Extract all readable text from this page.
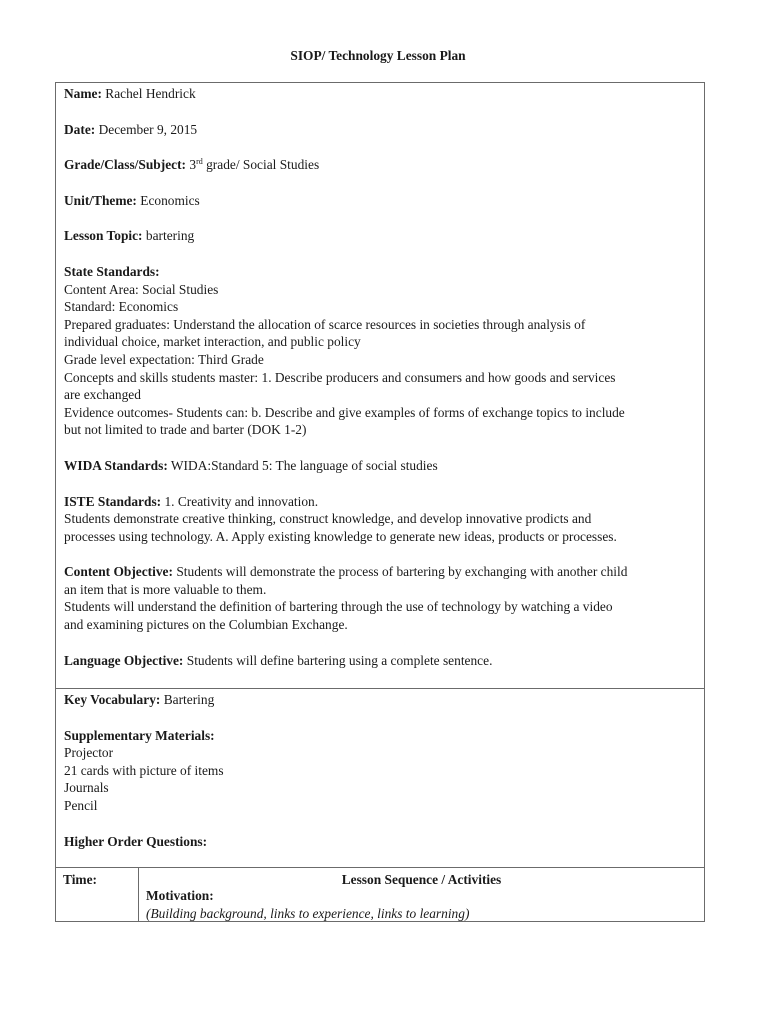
SIOP/ Technology Lesson Plan

Name: Rachel Hendrick

Date: December 9, 2015

Grade/Class/Subject: 3rd grade/ Social Studies

Unit/Theme: Economics

Lesson Topic: bartering

State Standards:

Content Area: Social Studies

Standard: Economics

Prepared graduates: Understand the allocation of scarce resources in societies through analysis of

individual choice, market interaction, and public policy

Grade level expectation: Third Grade

Concepts and skills students master: 1. Describe producers and consumers and how goods and services

are exchanged

Evidence outcomes- Students can: b. Describe and give examples of forms of exchange topics to include

but not limited to trade and barter (DOK 1-2)

WIDA Standards: WIDA:Standard 5: The language of social studies

ISTE Standards: 1. Creativity and innovation.

Students demonstrate creative thinking, construct knowledge, and develop innovative prodicts and

processes using technology. A. Apply existing knowledge to generate new ideas, products or processes.

Content Objective: Students will demonstrate the process of bartering by exchanging with another child

an item that is more valuable to them.

Students will understand the definition of bartering through the use of technology by watching a video

and examining pictures on the Columbian Exchange.

Language Objective: Students will define bartering using a complete sentence.

Key Vocabulary: Bartering

Supplementary Materials:

Projector

21 cards with picture of items

Journals

Pencil

Higher Order Questions:

Time:	Lesson Sequence / Activities
Motivation:
(Building background, links to experience, links to learning)
